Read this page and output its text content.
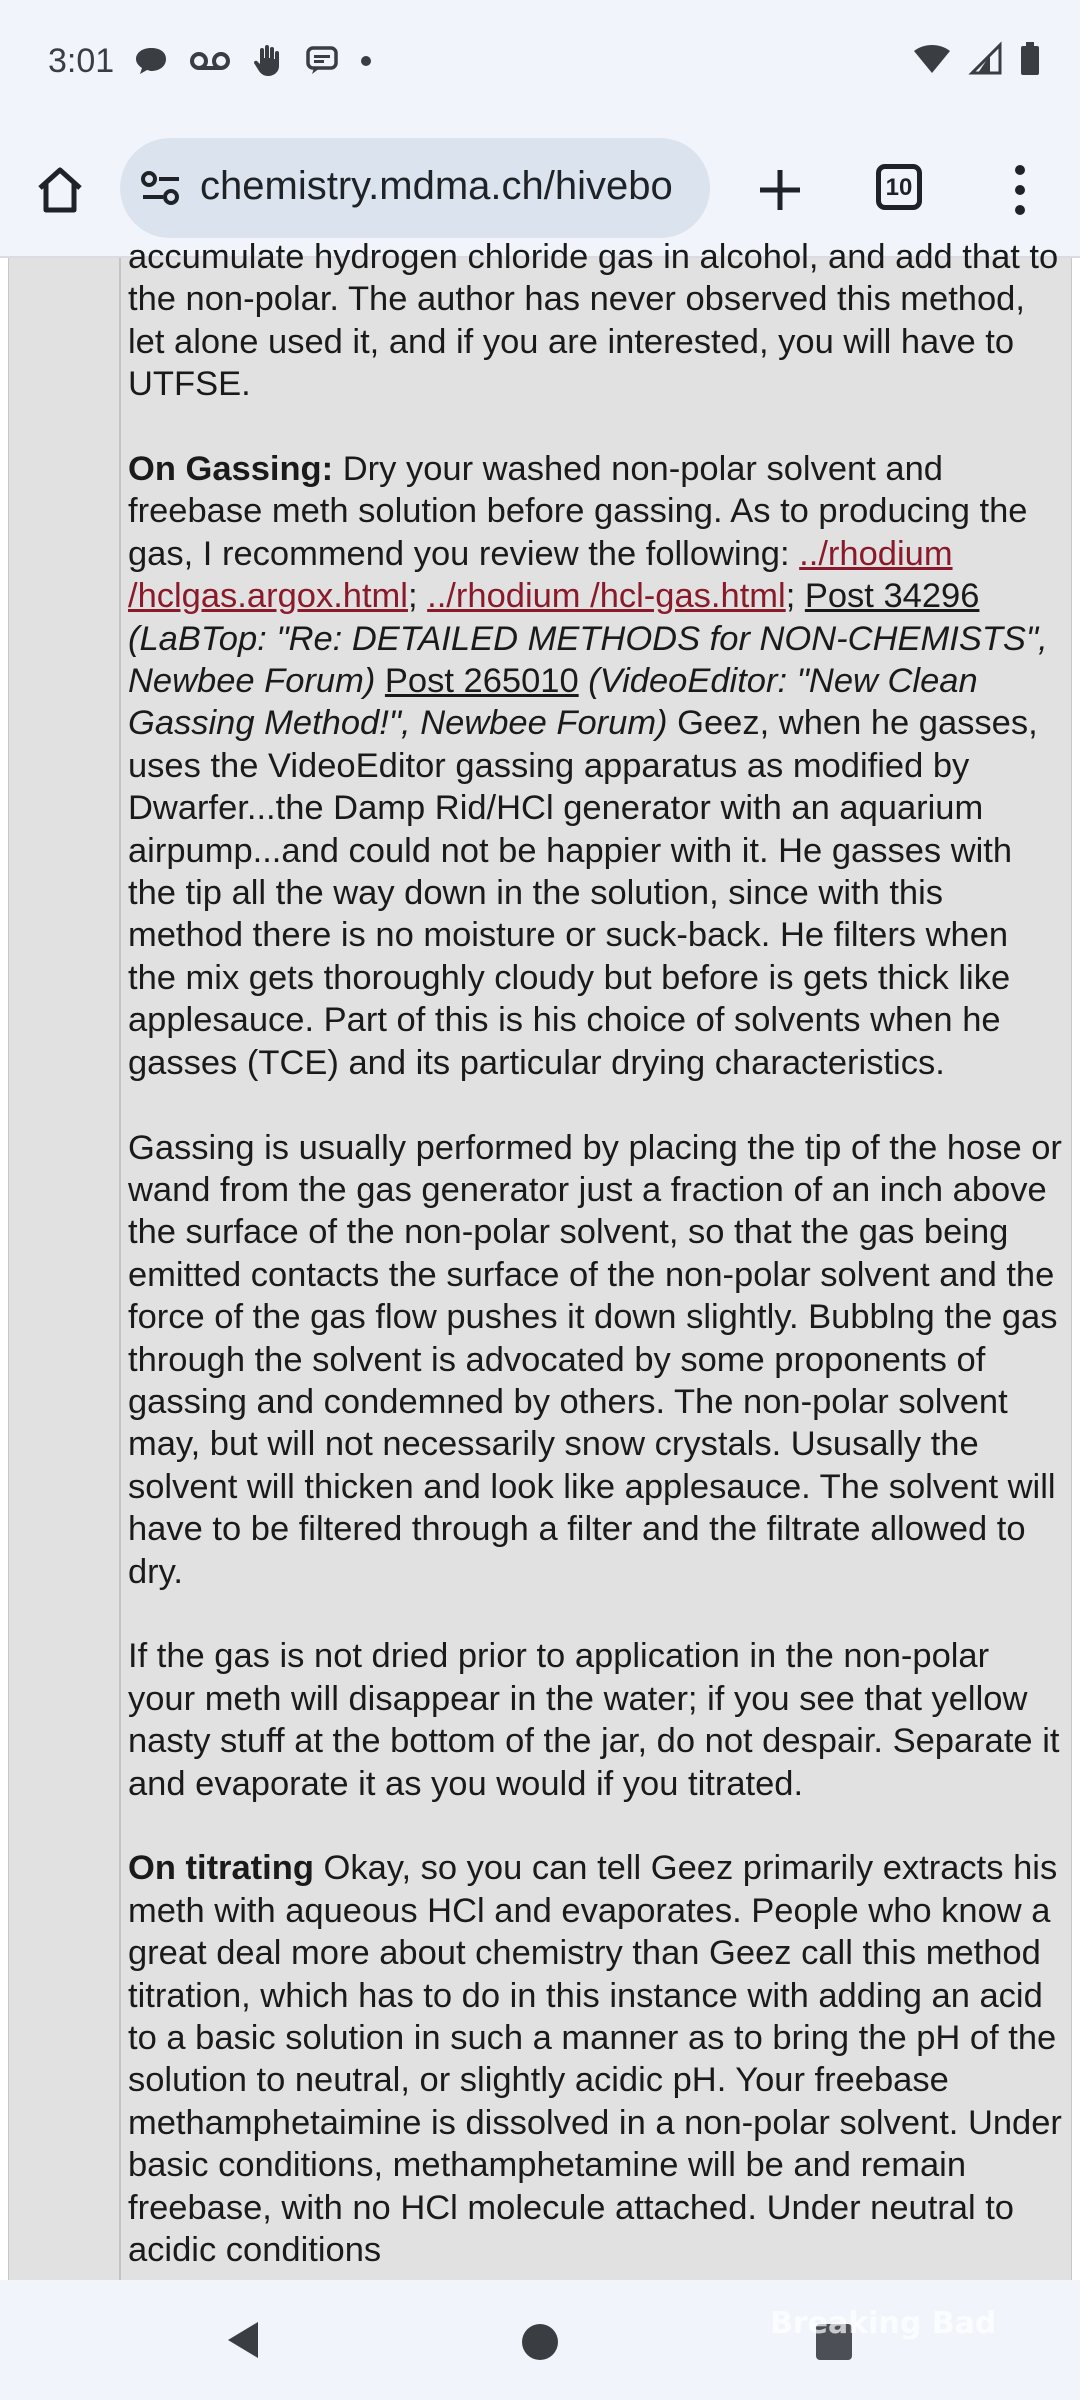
3:01
chemistry.mdma.ch/hivebo	10

accumulate hydrogen chloride gas in alcohol, and add that to the non-polar. The author has never observed this method, let alone used it, and if you are interested, you will have to UTFSE.

On Gassing: Dry your washed non-polar solvent and freebase meth solution before gassing. As to producing the gas, I recommend you review the following: ../rhodium /hclgas.argox.html; ../rhodium /hcl-gas.html; Post 34296 (LaBTop: "Re: DETAILED METHODS for NON-CHEMISTS", Newbee Forum) Post 265010 (VideoEditor: "New Clean Gassing Method!", Newbee Forum) Geez, when he gasses, uses the VideoEditor gassing apparatus as modified by Dwarfer...the Damp Rid/HCl generator with an aquarium airpump...and could not be happier with it. He gasses with the tip all the way down in the solution, since with this method there is no moisture or suck-back. He filters when the mix gets thoroughly cloudy but before is gets thick like applesauce. Part of this is his choice of solvents when he gasses (TCE) and its particular drying characteristics.

Gassing is usually performed by placing the tip of the hose or wand from the gas generator just a fraction of an inch above the surface of the non-polar solvent, so that the gas being emitted contacts the surface of the non-polar solvent and the force of the gas flow pushes it down slightly. Bubblng the gas through the solvent is advocated by some proponents of gassing and condemned by others. The non-polar solvent may, but will not necessarily snow crystals. Ususally the solvent will thicken and look like applesauce. The solvent will have to be filtered through a filter and the filtrate allowed to dry.

If the gas is not dried prior to application in the non-polar your meth will disappear in the water; if you see that yellow nasty stuff at the bottom of the jar, do not despair. Separate it and evaporate it as you would if you titrated.

On titrating Okay, so you can tell Geez primarily extracts his meth with aqueous HCl and evaporates. People who know a great deal more about chemistry than Geez call this method titration, which has to do in this instance with adding an acid to a basic solution in such a manner as to bring the pH of the solution to neutral, or slightly acidic pH. Your freebase methamphetaimine is dissolved in a non-polar solvent. Under basic conditions, methamphetamine will be and remain freebase, with no HCl molecule attached. Under neutral to acidic conditions

Breaking Bad
